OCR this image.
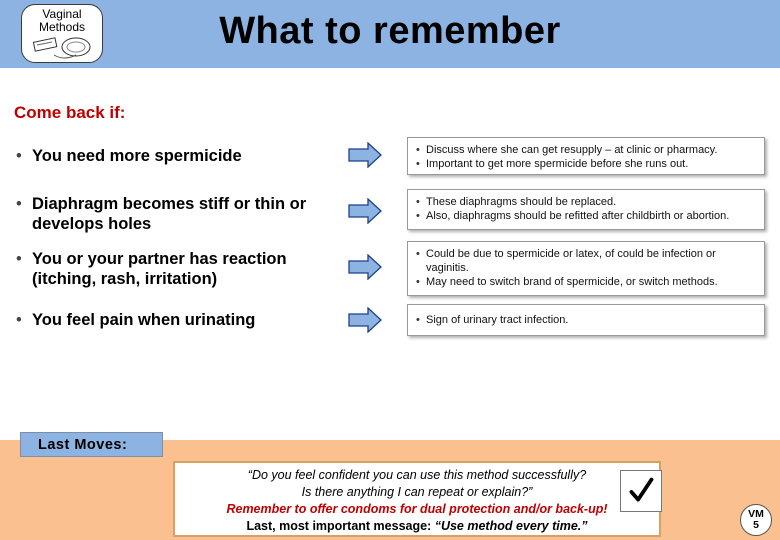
Vaginal
Methods	What to remember
Come back if:
• You need more spermicide	• Discuss where she can get resupply – at clinic or pharmacy.
• Important to get more spermicide before she runs out.
• Diaphragm becomes stiff or thin or develops holes
• These diaphragms should be replaced.
• Also, diaphragms should be refitted after childbirth or abortion.
• You or your partner has reaction (itching, rash, irritation)
• Could be due to spermicide or latex, of could be infection or vaginitis.
• May need to switch brand of spermicide, or switch methods.
• You feel pain when urinating	• Sign of urinary tract infection.
Last Moves:
“Do you feel confident you can use this method successfully?
Is there anything I can repeat or explain?”
Remember to offer condoms for dual protection and/or back-up!
Last, most important message: “Use method every time.”
VM
5
